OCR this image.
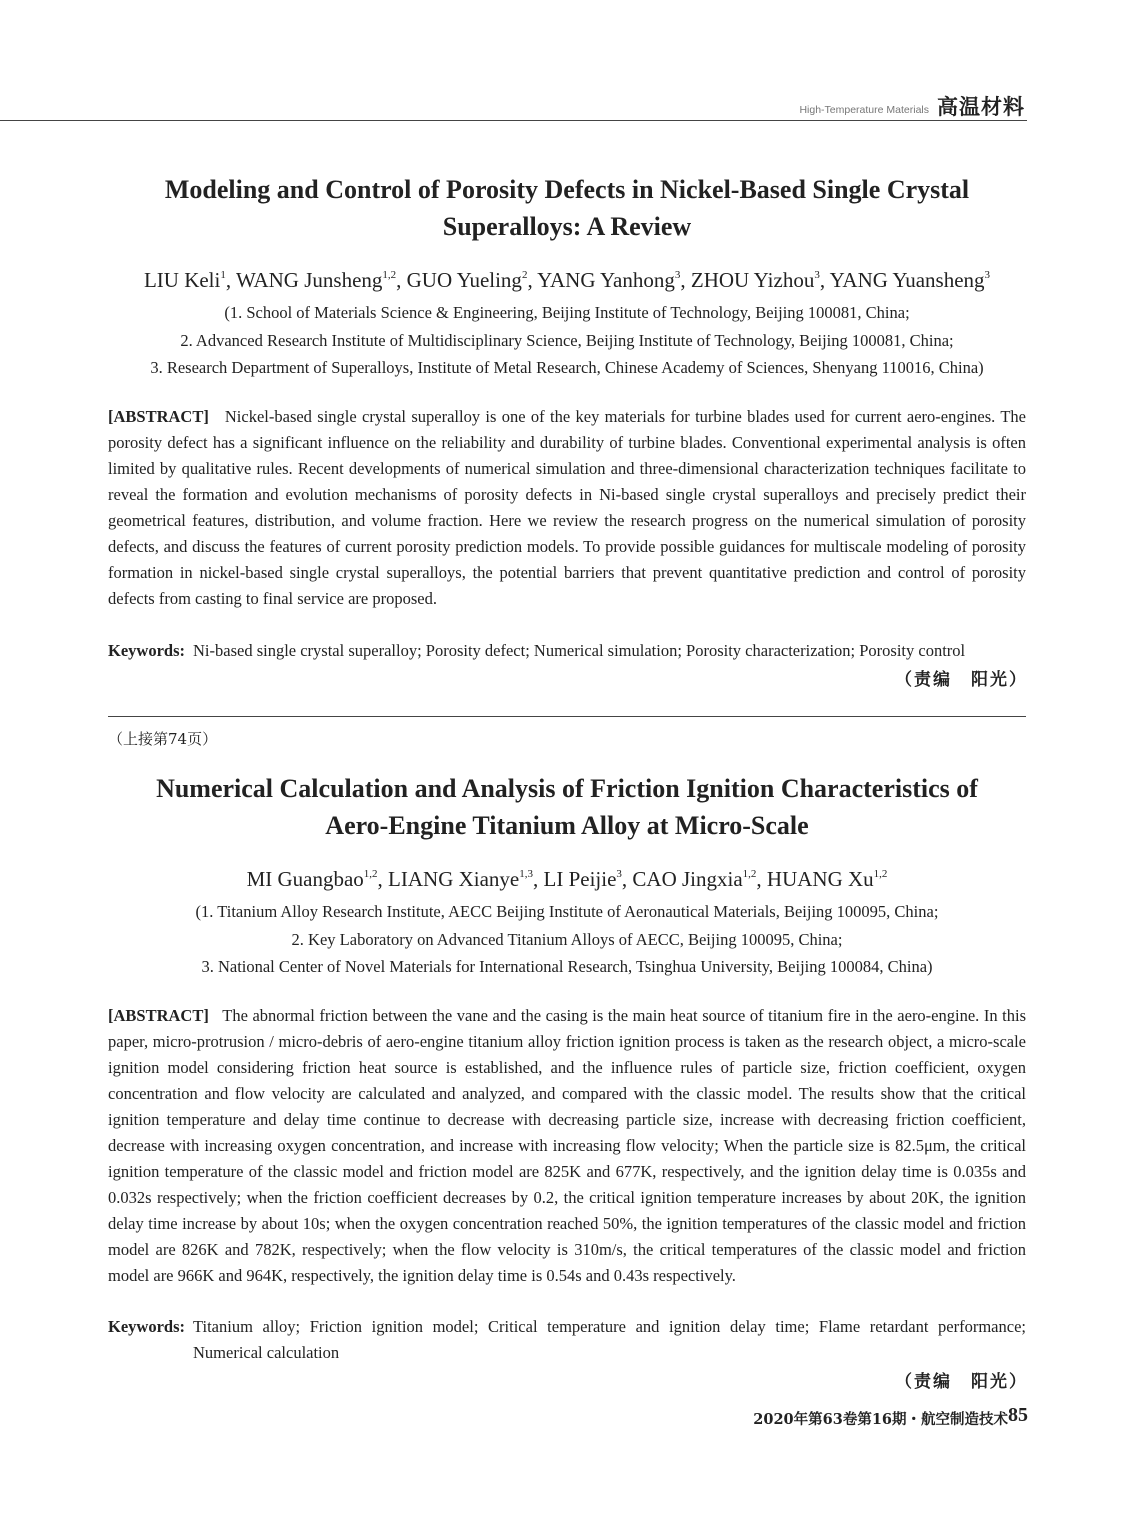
High-Temperature Materials 高温材料
Modeling and Control of Porosity Defects in Nickel-Based Single Crystal
Superalloys: A Review
LIU Keli$^1$, WANG Junsheng$^{1,2}$, GUO Yueling$^2$, YANG Yanhong$^3$, ZHOU Yizhou$^3$, YANG Yuansheng$^3$
(1. School of Materials Science & Engineering, Beijing Institute of Technology, Beijing 100081, China;
2. Advanced Research Institute of Multidisciplinary Science, Beijing Institute of Technology, Beijing 100081, China;
3. Research Department of Superalloys, Institute of Metal Research, Chinese Academy of Sciences, Shenyang 110016, China)
[ABSTRACT] Nickel-based single crystal superalloy is one of the key materials for turbine blades used for current aero-engines. The porosity defect has a significant influence on the reliability and durability of turbine blades. Conventional experimental analysis is often limited by qualitative rules. Recent developments of numerical simulation and three-dimensional characterization techniques facilitate to reveal the formation and evolution mechanisms of porosity defects in Ni-based single crystal superalloys and precisely predict their geometrical features, distribution, and volume fraction. Here we review the research progress on the numerical simulation of porosity defects, and discuss the features of current porosity prediction models. To provide possible guidances for multiscale modeling of porosity formation in nickel-based single crystal superalloys, the potential barriers that prevent quantitative prediction and control of porosity defects from casting to final service are proposed.
Keywords: Ni-based single crystal superalloy; Porosity defect; Numerical simulation; Porosity characterization; Porosity control
（责编　阳光）
（上接第74页）
Numerical Calculation and Analysis of Friction Ignition Characteristics of
Aero-Engine Titanium Alloy at Micro-Scale
MI Guangbao$^{1,2}$, LIANG Xianye$^{1,3}$, LI Peijie$^3$, CAO Jingxia$^{1,2}$, HUANG Xu$^{1,2}$
(1. Titanium Alloy Research Institute, AECC Beijing Institute of Aeronautical Materials, Beijing 100095, China;
2. Key Laboratory on Advanced Titanium Alloys of AECC, Beijing 100095, China;
3. National Center of Novel Materials for International Research, Tsinghua University, Beijing 100084, China)
[ABSTRACT] The abnormal friction between the vane and the casing is the main heat source of titanium fire in the aero-engine. In this paper, micro-protrusion / micro-debris of aero-engine titanium alloy friction ignition process is taken as the research object, a micro-scale ignition model considering friction heat source is established, and the influence rules of particle size, friction coefficient, oxygen concentration and flow velocity are calculated and analyzed, and compared with the classic model. The results show that the critical ignition temperature and delay time continue to decrease with decreasing particle size, increase with decreasing friction coefficient, decrease with increasing oxygen concentration, and increase with increasing flow velocity; When the particle size is 82.5μm, the critical ignition temperature of the classic model and friction model are 825K and 677K, respectively, and the ignition delay time is 0.035s and 0.032s respectively; when the friction coefficient decreases by 0.2, the critical ignition temperature increases by about 20K, the ignition delay time increase by about 10s; when the oxygen concentration reached 50%, the ignition temperatures of the classic model and friction model are 826K and 782K, respectively; when the flow velocity is 310m/s, the critical temperatures of the classic model and friction model are 966K and 964K, respectively, the ignition delay time is 0.54s and 0.43s respectively.
Keywords: Titanium alloy; Friction ignition model; Critical temperature and ignition delay time; Flame retardant performance; Numerical calculation
（责编　阳光）
2020年第63卷第16期・航空制造技术 85
